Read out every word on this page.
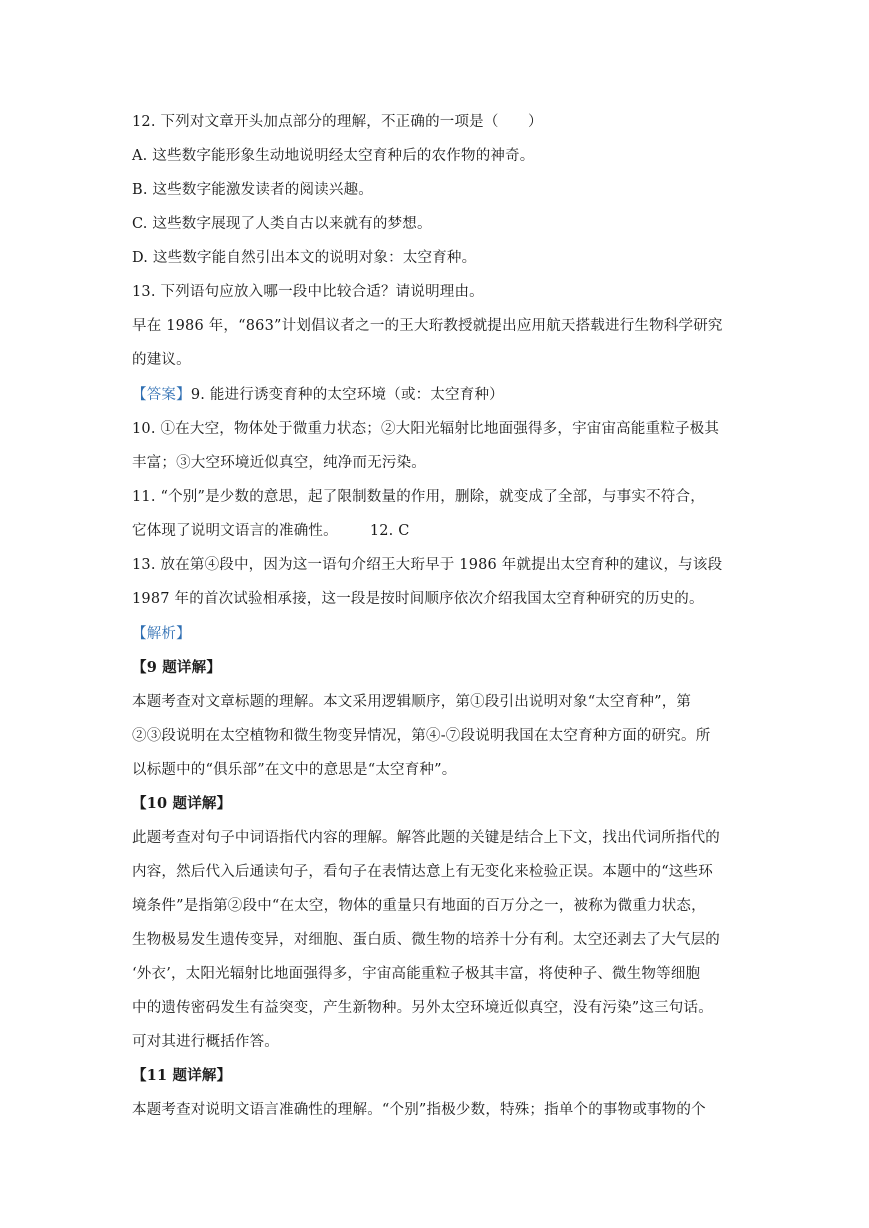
12. 下列对文章开头加点部分的理解，不正确的一项是（　　）
A. 这些数字能形象生动地说明经太空育种后的农作物的神奇。
B. 这些数字能激发读者的阅读兴趣。
C. 这些数字展现了人类自古以来就有的梦想。
D. 这些数字能自然引出本文的说明对象：太空育种。
13. 下列语句应放入哪一段中比较合适？请说明理由。
早在 1986 年，“863”计划倡议者之一的王大珩教授就提出应用航天搭载进行生物科学研究
的建议。
【答案】9. 能进行诱变育种的太空环境（或：太空育种）
10. ①在大空，物体处于微重力状态；②大阳光辐射比地面强得多，宇宙宙高能重粒子极其
丰富；③大空环境近似真空，纯净而无污染。
11. “个别”是少数的意思，起了限制数量的作用，删除，就变成了全部，与事实不符合，
它体现了说明文语言的准确性。 12. C
13. 放在第④段中，因为这一语句介绍王大珩早于 1986 年就提出太空育种的建议，与该段
1987 年的首次试验相承接，这一段是按时间顺序依次介绍我国太空育种研究的历史的。
【解析】
【9 题详解】
本题考查对文章标题的理解。本文采用逻辑顺序，第①段引出说明对象“太空育种”，第
②③段说明在太空植物和微生物变异情况，第④-⑦段说明我国在太空育种方面的研究。所
以标题中的“俱乐部”在文中的意思是“太空育种”。
【10 题详解】
此题考查对句子中词语指代内容的理解。解答此题的关键是结合上下文，找出代词所指代的
内容，然后代入后通读句子，看句子在表情达意上有无变化来检验正误。本题中的“这些环
境条件”是指第②段中“在太空，物体的重量只有地面的百万分之一，被称为微重力状态，
生物极易发生遗传变异，对细胞、蛋白质、微生物的培养十分有利。太空还剥去了大气层的
‘外衣’，太阳光辐射比地面强得多，宇宙高能重粒子极其丰富，将使种子、微生物等细胞
中的遗传密码发生有益突变，产生新物种。另外太空环境近似真空，没有污染”这三句话。
可对其进行概括作答。
【11 题详解】
本题考查对说明文语言准确性的理解。“个别”指极少数，特殊；指单个的事物或事物的个
